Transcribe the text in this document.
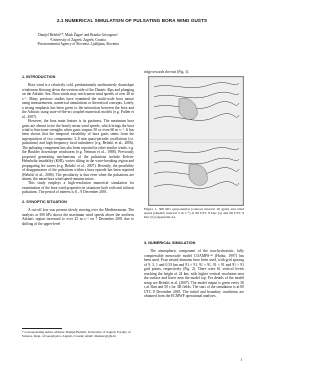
2.1 NUMERICAL SIMULATION OF PULSATING BORA WIND GUSTS
Danijel Belušić¹*, Mark Žagar² and Branko Grisogono¹
¹University of Zagreb, Zagreb, Croatia
²Environmental Agency of Slovenia, Ljubljana, Slovenia
1. INTRODUCTION

Bora wind is a relatively cold, predominantly northeasterly downslope windstorm blowing down the western side of the Dinaric Alps and plunging on the Adriatic Sea. Bora winds may reach mean wind speeds of over 20 m s⁻¹. Many previous studies have examined the multi-scale bora nature using measurements, numerical simulations or theoretical concepts. Lately, a strong emphasis has been given to the interaction between the bora and the Adriatic using state-of-the-art coupled numerical models (e.g. Pullen et al., 2007).

However, the bora main feature is its gustiness. The maximum bora gusts are almost twice the hourly mean wind speeds, which brings the bora wind to hurricane strengths when gusts surpass 50 or even 60 m s⁻¹. It has been shown that the temporal variability of bora gusts stems from the superposition of two components: 3–8 min quasi-periodic oscillations (i.e. pulsations) and high-frequency local turbulence (e.g. Belušić et al., 2006). The pulsating component has also been reported in other similar winds, e.g. the Boulder downslope windstorm (e.g. Neiman et al., 1988). Previously proposed generating mechanisms of the pulsations include Kelvin-Helmholtz instability (KHI), vortex tilting in the wave-breaking region and propagating lee waves (e.g. Belušić et al., 2007). Recently, the possibility of disappearance of the pulsations within a bora episode has been reported (Belušić et al., 2006). The peculiarity is that even when the pulsations are absent, the mean bora wind speed remains intact.

This study employs a high-resolution numerical simulation for examination of the bora wind properties in situations both with and without pulsations. The period of interest is 8 – 9 December 2001.

2. SYNOPTIC SITUATION

A cut-off low was present slowly moving over the Mediterranean. The analysis at 300 hPa shows the maximum wind speeds above the northern Adriatic region increased to over 25 m s⁻¹ on 7 December 2001 due to shifting of the upper-level

ridge towards the east (Fig. 1).
Figure 1. 300 hPa geopotential (contour interval 20 gpm) and wind speed (shaded; interval 5 m s⁻¹) at 06 UTC 8 Dec (a) and 06 UTC 9 Dec (b) (Appendix A).
3. NUMERICAL SIMULATION

The atmospheric component of the non-hydrostatic, fully compressible mesoscale model COAMPS™ (Hodur, 1997) has been used. Four nested domains have been used, with grid spacing of 9, 3, 1 and 0.33 km and 91 × 91, 91 × 91, 91 × 91 and 91 × 91 grid points, respectively (Fig. 2). There were 61 vertical levels reaching the height of 24 km, with higher vertical resolution near the surface and lower near the model top. For details of the model setup see Belušić et al. (2007). The model output is given every 30 s at 5km and 50 s for 3D fields. The start of the simulation is at 00 UTC 8 December 2001. The initial and boundary conditions are obtained from the ECMWF operational analyses.

* Corresponding author address: Danijel Belušić, University of Zagreb, Faculty of Science, Dept. of Geophysics, Zagreb, Croatia; email: dbelusic@gfz.hr
1
